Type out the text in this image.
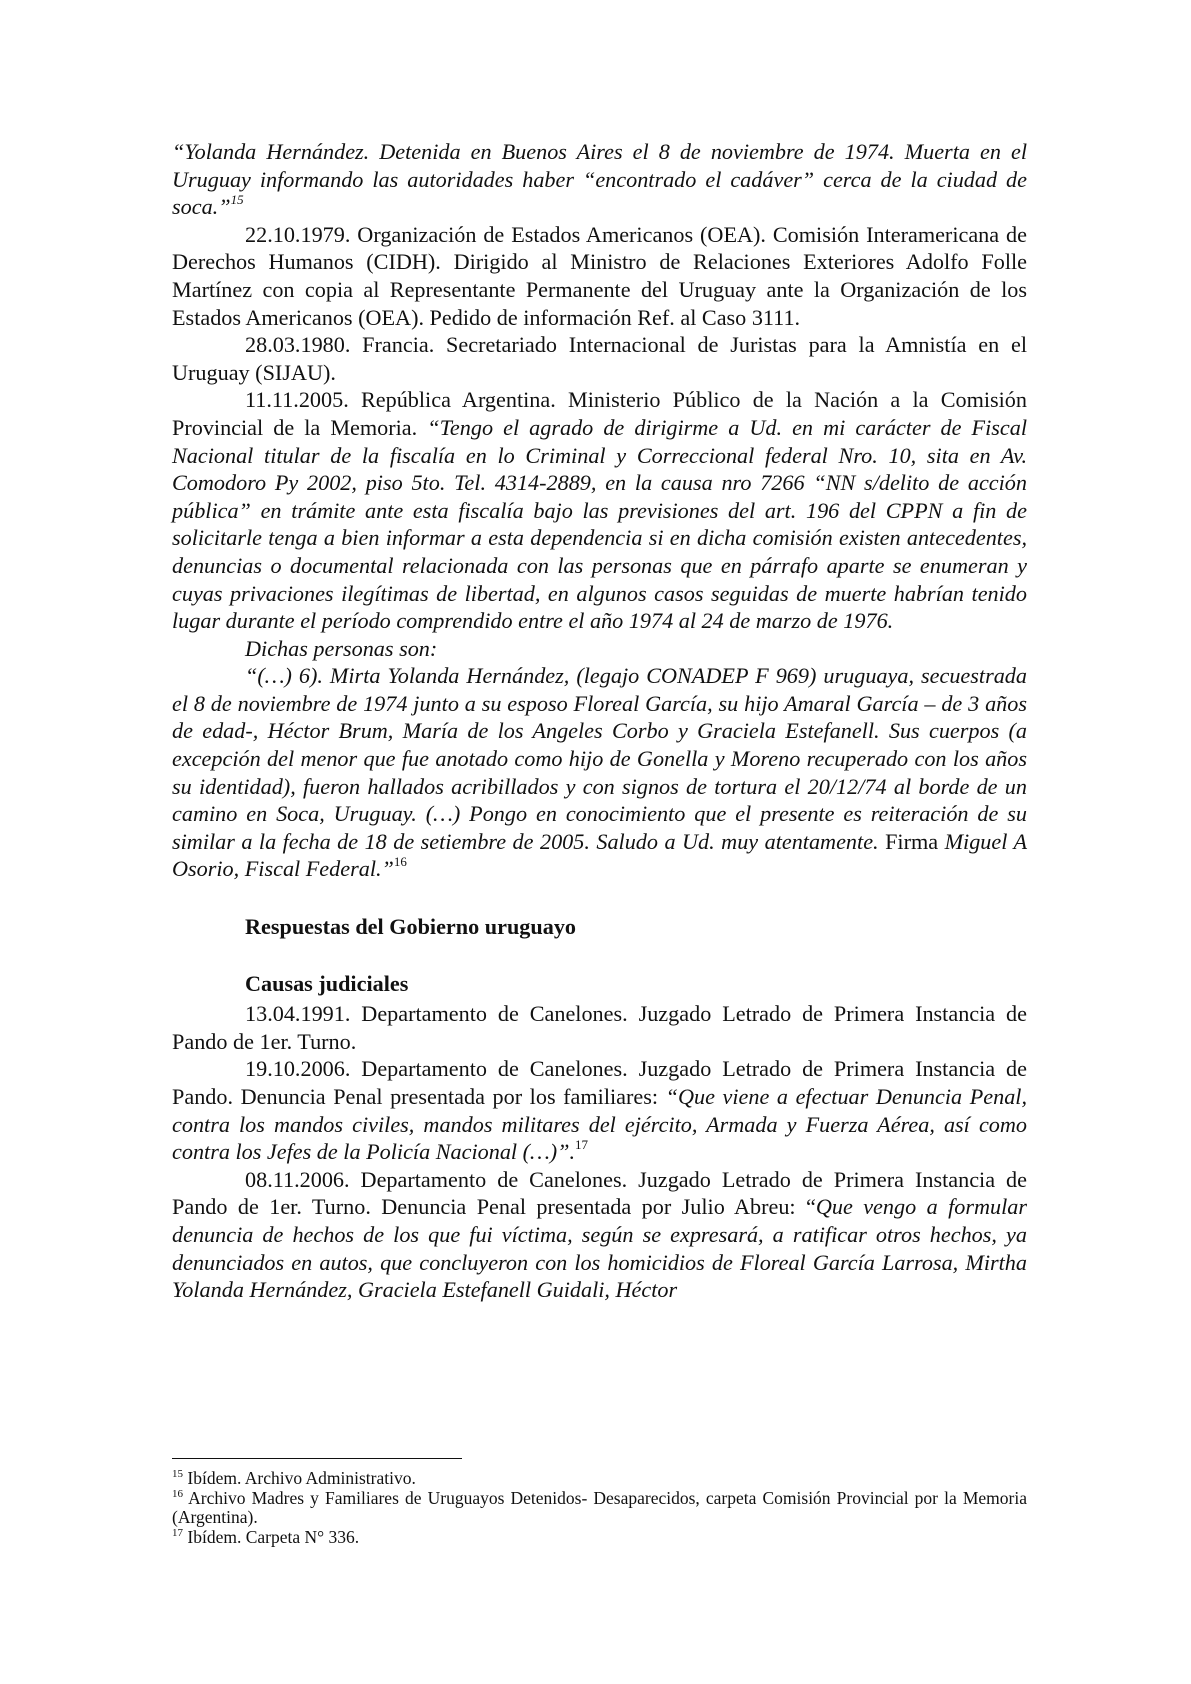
“Yolanda Hernández. Detenida en Buenos Aires el 8 de noviembre de 1974. Muerta en el Uruguay informando las autoridades haber “encontrado el cadáver” cerca de la ciudad de soca.”$^{15}$

22.10.1979. Organización de Estados Americanos (OEA). Comisión Interamericana de Derechos Humanos (CIDH). Dirigido al Ministro de Relaciones Exteriores Adolfo Folle Martínez con copia al Representante Permanente del Uruguay ante la Organización de los Estados Americanos (OEA). Pedido de información Ref. al Caso 3111.

28.03.1980. Francia. Secretariado Internacional de Juristas para la Amnistía en el Uruguay (SIJAU).

11.11.2005. República Argentina. Ministerio Público de la Nación a la Comisión Provincial de la Memoria. “Tengo el agrado de dirigirme a Ud. en mi carácter de Fiscal Nacional titular de la fiscalía en lo Criminal y Correccional federal Nro. 10, sita en Av. Comodoro Py 2002, piso 5to. Tel. 4314-2889, en la causa nro 7266 “NN s/delito de acción pública” en trámite ante esta fiscalía bajo las previsiones del art. 196 del CPPN a fin de solicitarle tenga a bien informar a esta dependencia si en dicha comisión existen antecedentes, denuncias o documental relacionada con las personas que en párrafo aparte se enumeran y cuyas privaciones ilegítimas de libertad, en algunos casos seguidas de muerte habrían tenido lugar durante el período comprendido entre el año 1974 al 24 de marzo de 1976.

Dichas personas son:

“(…) 6). Mirta Yolanda Hernández, (legajo CONADEP F 969) uruguaya, secuestrada el 8 de noviembre de 1974 junto a su esposo Floreal García, su hijo Amaral García – de 3 años de edad-, Héctor Brum, María de los Angeles Corbo y Graciela Estefanell. Sus cuerpos (a excepción del menor que fue anotado como hijo de Gonella y Moreno recuperado con los años su identidad), fueron hallados acribillados y con signos de tortura el 20/12/74 al borde de un camino en Soca, Uruguay. (…) Pongo en conocimiento que el presente es reiteración de su similar a la fecha de 18 de setiembre de 2005. Saludo a Ud. muy atentamente. Firma Miguel A Osorio, Fiscal Federal.”$^{16}$

Respuestas del Gobierno uruguayo

Causas judiciales

13.04.1991. Departamento de Canelones. Juzgado Letrado de Primera Instancia de Pando de 1er. Turno.

19.10.2006. Departamento de Canelones. Juzgado Letrado de Primera Instancia de Pando. Denuncia Penal presentada por los familiares: “Que viene a efectuar Denuncia Penal, contra los mandos civiles, mandos militares del ejército, Armada y Fuerza Aérea, así como contra los Jefes de la Policía Nacional (…)”.$^{17}$

08.11.2006. Departamento de Canelones. Juzgado Letrado de Primera Instancia de Pando de 1er. Turno. Denuncia Penal presentada por Julio Abreu: “Que vengo a formular denuncia de hechos de los que fui víctima, según se expresará, a ratificar otros hechos, ya denunciados en autos, que concluyeron con los homicidios de Floreal García Larrosa, Mirtha Yolanda Hernández, Graciela Estefanell Guidali, Héctor

$^{15}$ Ibídem. Archivo Administrativo.

$^{16}$ Archivo Madres y Familiares de Uruguayos Detenidos- Desaparecidos, carpeta Comisión Provincial por la Memoria (Argentina).

$^{17}$ Ibídem. Carpeta N° 336.
